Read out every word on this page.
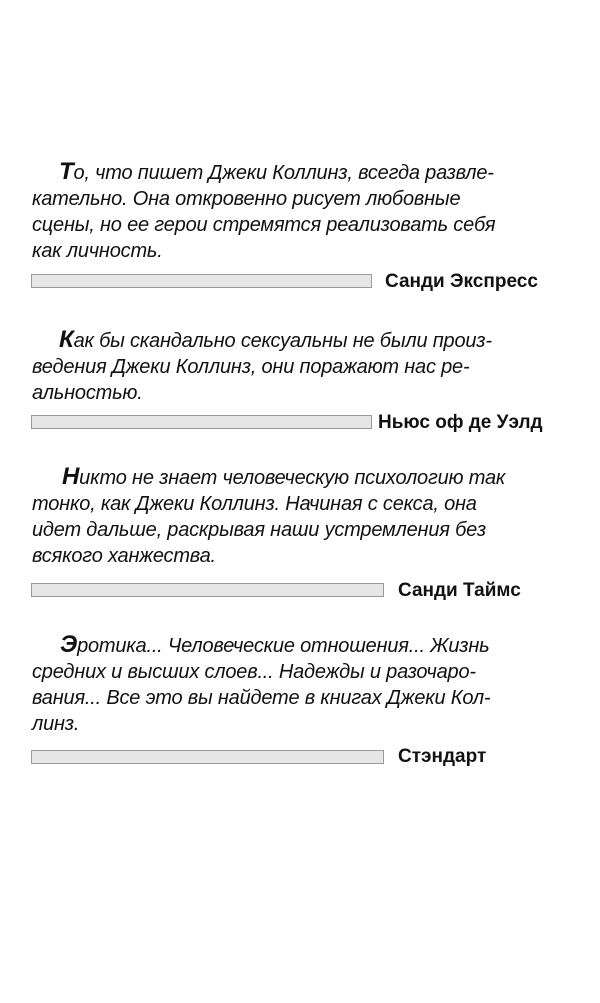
То, что пишет Джеки Коллинз, всегда развле-
кательно. Она откровенно рисует любовные
сцены, но ее герои стремятся реализовать себя
как личность.

Санди Экспресс

Как бы скандально сексуальны не были произ-
ведения Джеки Коллинз, они поражают нас ре-
альностью.

Ньюс оф де Уэлд

Никто не знает человеческую психологию так
тонко, как Джеки Коллинз. Начиная с секса, она
идет дальше, раскрывая наши устремления без
всякого ханжества.

Санди Таймс

Эротика... Человеческие отношения... Жизнь
средних и высших слоев... Надежды и разочаро-
вания... Все это вы найдете в книгах Джеки Кол-
линз.

Стэндарт
